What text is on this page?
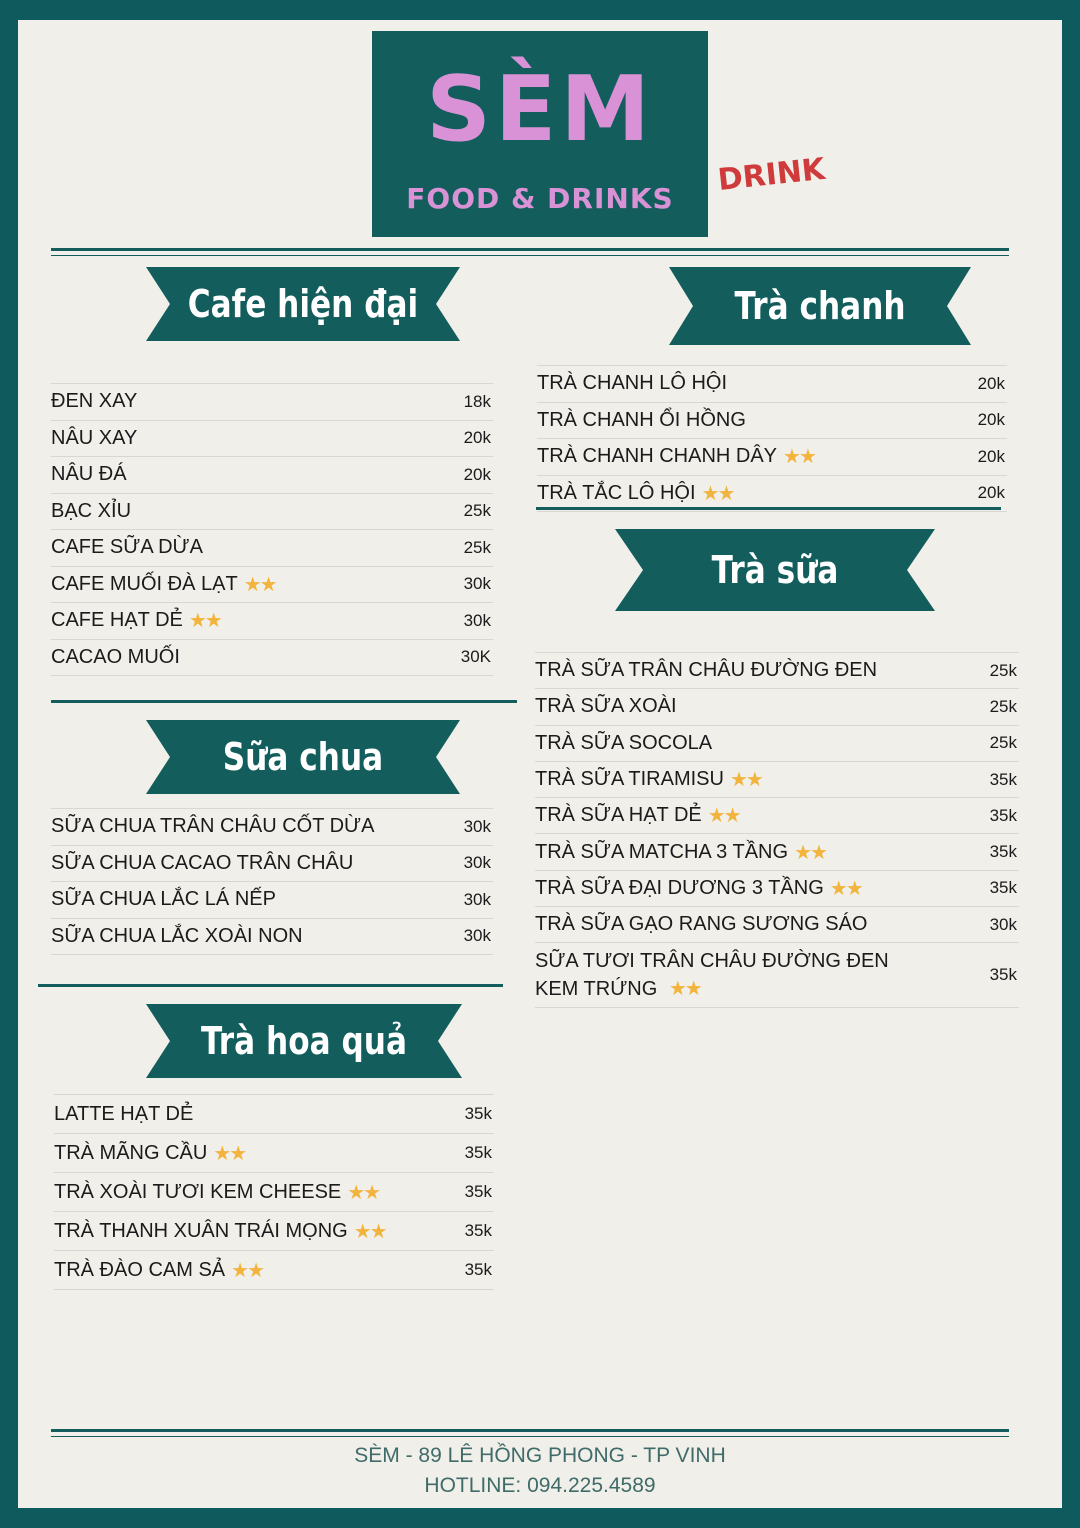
SÈM
FOOD & DRINKS
DRINK
Cafe hiện đại	Trà chanh
ĐEN XAY	18k
NÂU XAY	20k
NÂU ĐÁ	20k
BẠC XỈU	25k
CAFE SỮA DỪA	25k
CAFE MUỐI ĐÀ LẠT ★★	30k
CAFE HẠT DẺ ★★	30k
CACAO MUỐI	30K
TRÀ CHANH LÔ HỘI	20k
TRÀ CHANH ỔI HỒNG	20k
TRÀ CHANH CHANH DÂY ★★	20k
TRÀ TẮC LÔ HỘI ★★	20k
Trà sữa
Sữa chua
TRÀ SỮA TRÂN CHÂU ĐƯỜNG ĐEN	25k
TRÀ SỮA XOÀI	25k
TRÀ SỮA SOCOLA	25k
TRÀ SỮA TIRAMISU ★★	35k
TRÀ SỮA HẠT DẺ ★★	35k
TRÀ SỮA MATCHA 3 TẦNG ★★	35k
TRÀ SỮA ĐẠI DƯƠNG 3 TẦNG ★★	35k
TRÀ SỮA GẠO RANG SƯƠNG SÁO	30k
SỮA TƯƠI TRÂN CHÂU ĐƯỜNG ĐEN KEM TRỨNG ★★
35k
SỮA CHUA TRÂN CHÂU CỐT DỪA	30k
SỮA CHUA CACAO TRÂN CHÂU	30k
SỮA CHUA LẮC LÁ NẾP	30k
SỮA CHUA LẮC XOÀI NON	30k
Trà hoa quả
LATTE HẠT DẺ	35k
TRÀ MÃNG CẦU ★★	35k
TRÀ XOÀI TƯƠI KEM CHEESE ★★	35k
TRÀ THANH XUÂN TRÁI MỌNG ★★	35k
TRÀ ĐÀO CAM SẢ ★★	35k
SÈM - 89 LÊ HỒNG PHONG - TP VINH
HOTLINE: 094.225.4589
